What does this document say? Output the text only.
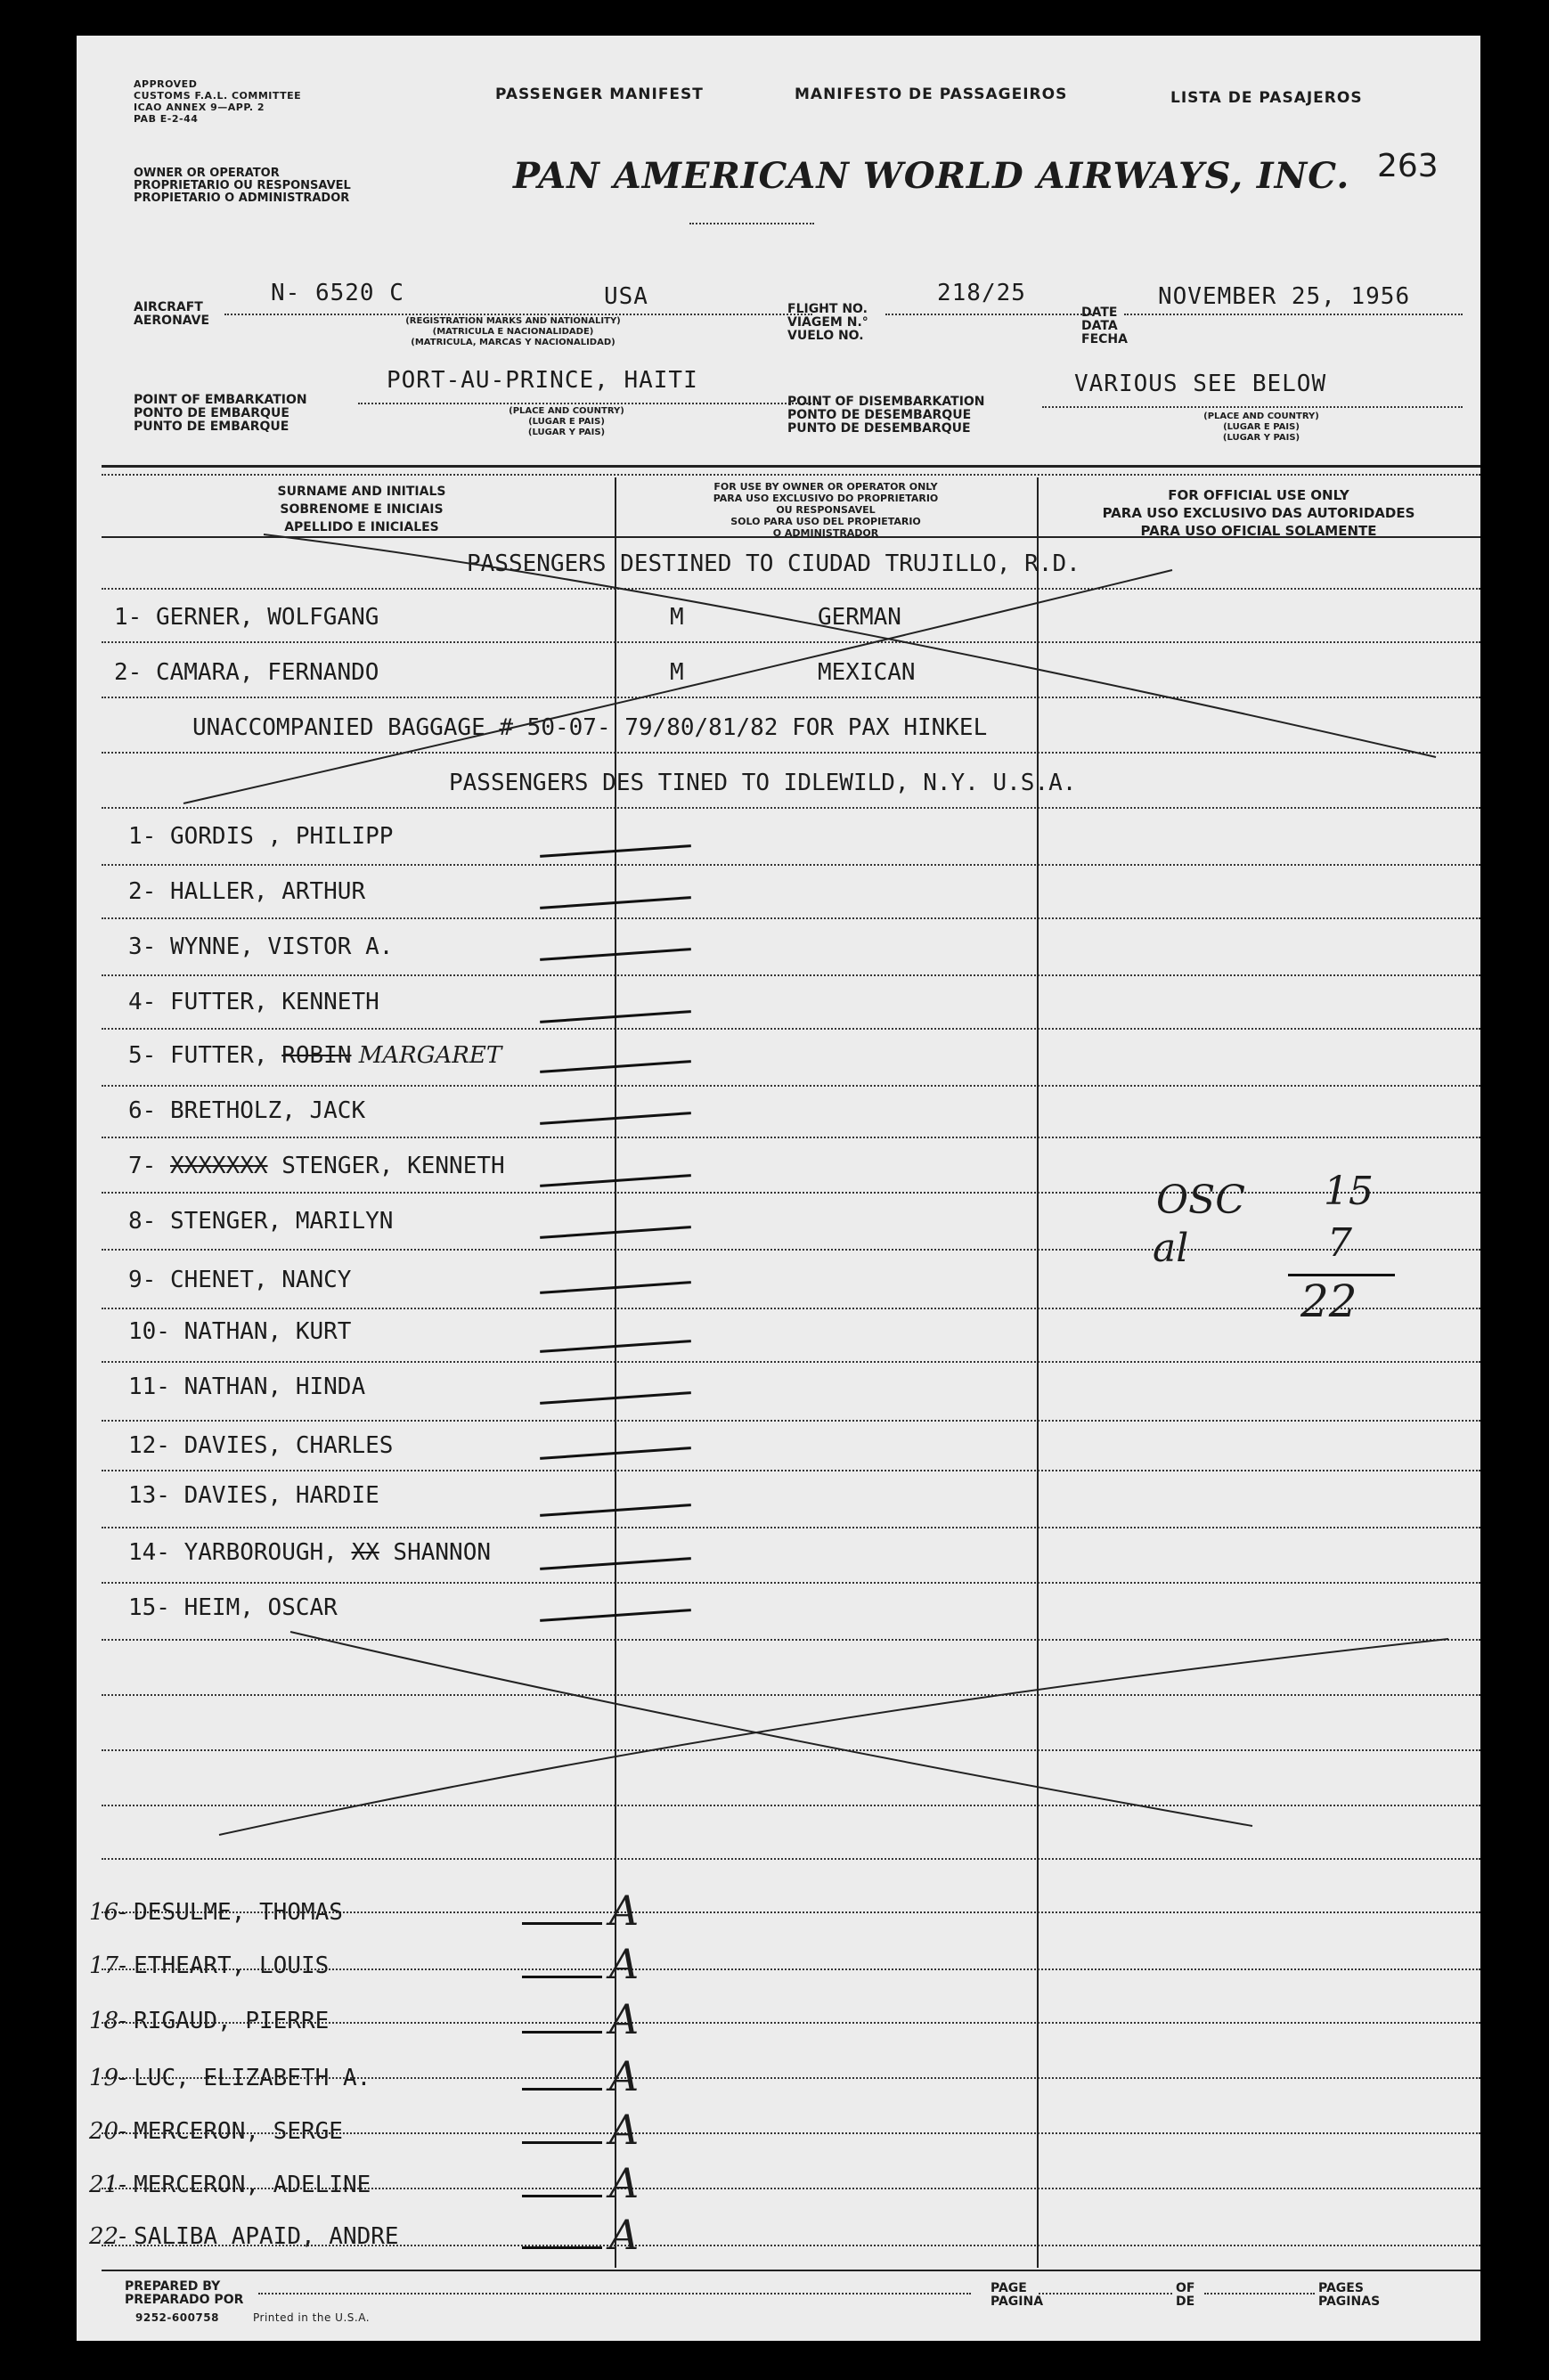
APPROVED
CUSTOMS F.A.L. COMMITTEE
ICAO ANNEX 9—APP. 2
PAB E-2-44
PASSENGER MANIFEST	MANIFESTO DE PASSAGEIROS	LISTA DE PASAJEROS
263
OWNER OR OPERATOR
PROPRIETARIO OU RESPONSAVEL
PROPIETARIO O ADMINISTRADOR
PAN AMERICAN WORLD AIRWAYS, INC.
AIRCRAFT
AERONAVE
N- 6520 C	USA
(REGISTRATION MARKS AND NATIONALITY)
(MATRICULA E NACIONALIDADE)
(MATRICULA, MARCAS Y NACIONALIDAD)
FLIGHT NO.
VIAGEM N.°
VUELO NO.
218/25
DATE
DATA
FECHA
NOVEMBER 25, 1956
POINT OF EMBARKATION
PONTO DE EMBARQUE
PUNTO DE EMBARQUE
PORT-AU-PRINCE, HAITI
(PLACE AND COUNTRY)
(LUGAR E PAIS)
(LUGAR Y PAIS)
POINT OF DISEMBARKATION
PONTO DE DESEMBARQUE
PUNTO DE DESEMBARQUE
VARIOUS SEE BELOW
(PLACE AND COUNTRY)
(LUGAR E PAIS)
(LUGAR Y PAIS)
SURNAME AND INITIALS
SOBRENOME E INICIAIS
APELLIDO E INICIALES
FOR USE BY OWNER OR OPERATOR ONLY
PARA USO EXCLUSIVO DO PROPRIETARIO
OU RESPONSAVEL
SOLO PARA USO DEL PROPIETARIO
O ADMINISTRADOR
FOR OFFICIAL USE ONLY
PARA USO EXCLUSIVO DAS AUTORIDADES
PARA USO OFICIAL SOLAMENTE
PASSENGERS DESTINED TO CIUDAD TRUJILLO, R.D.
1- GERNER, WOLFGANG	M	GERMAN
2- CAMARA, FERNANDO	M	MEXICAN
UNACCOMPANIED BAGGAGE # 50-07- 79/80/81/82 FOR PAX HINKEL
PASSENGERS DES TINED TO IDLEWILD, N.Y. U.S.A.
1- GORDIS , PHILIPP
2- HALLER, ARTHUR
3- WYNNE, VISTOR A.
4- FUTTER, KENNETH
5- FUTTER, ROBIN MARGARET
6- BRETHOLZ, JACK
7- XXXXXXX STENGER, KENNETH
8- STENGER, MARILYN
9- CHENET, NANCY
10- NATHAN, KURT
11- NATHAN, HINDA
12- DAVIES, CHARLES
13- DAVIES, HARDIE
14- YARBOROUGH, XX SHANNON
15- HEIM, OSCAR
16- DESULME, THOMAS	A
17- ETHEART, LOUIS	A
18- RIGAUD, PIERRE	A
19- LUC, ELIZABETH A.	A
20- MERCERON, SERGE	A
21- MERCERON, ADELINE	A
22- SALIBA APAID, ANDRE	A
OSC 15
al	7
22
PREPARED BY
PREPARADO POR
9252-600758	Printed in the U.S.A.
PAGE
PAGINA
OF
DE
PAGES
PAGINAS
